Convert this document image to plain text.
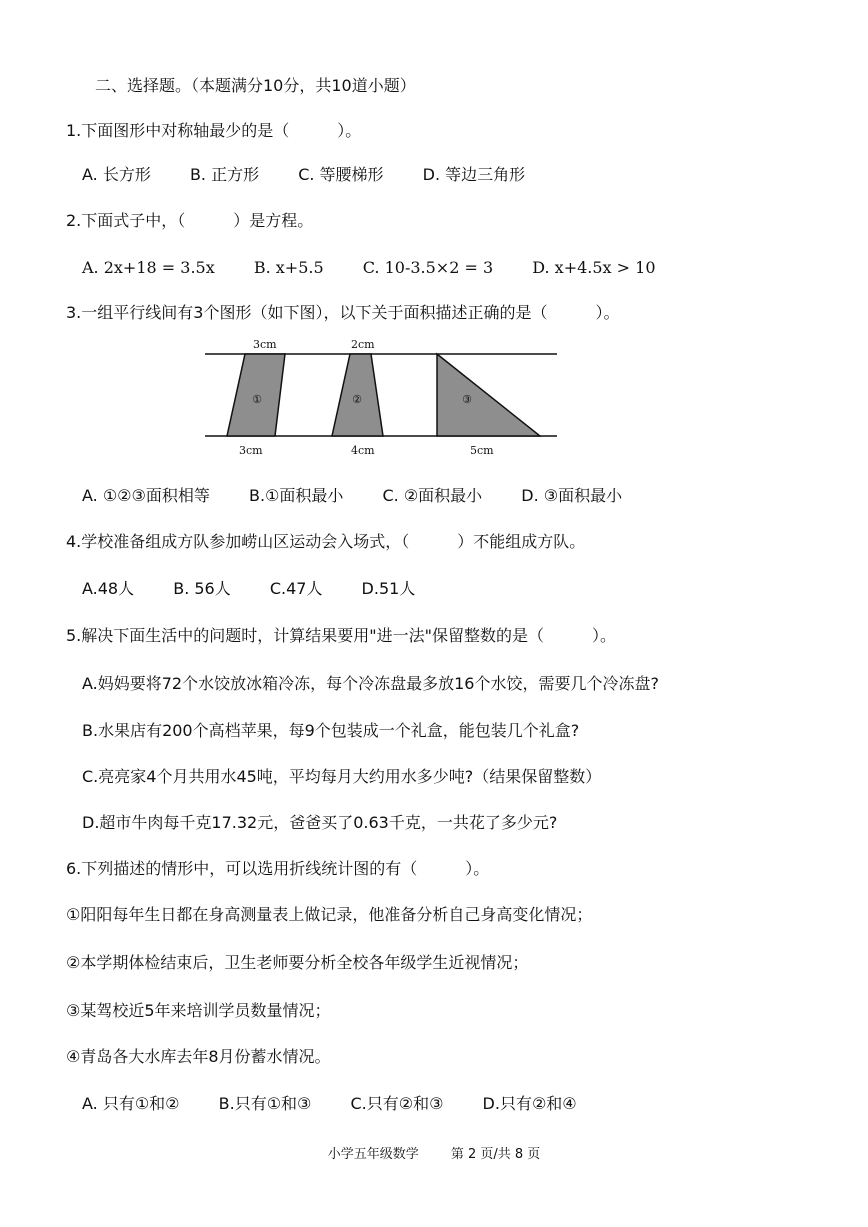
二、选择题。（本题满分10分，共10道小题）
1.下面图形中对称轴最少的是（　　　）。
A. 长方形 B. 正方形 C. 等腰梯形 D. 等边三角形
2.下面式子中，（　　　）是方程。
A. 2x+18 = 3.5x B. x+5.5 C. 10-3.5×2 = 3 D. x+4.5x > 10
3.一组平行线间有3个图形（如下图），以下关于面积描述正确的是（　　　）。
3cm	2cm
3cm	4cm	5cm
①	②	③
A. ①②③面积相等 B.①面积最小 C. ②面积最小 D. ③面积最小
4.学校准备组成方队参加崂山区运动会入场式，（　　　）不能组成方队。
A.48人 B. 56人 C.47人 D.51人
5.解决下面生活中的问题时，计算结果要用"进一法"保留整数的是（　　　）。
A.妈妈要将72个水饺放冰箱冷冻，每个冷冻盘最多放16个水饺，需要几个冷冻盘?
B.水果店有200个高档苹果，每9个包装成一个礼盒，能包装几个礼盒?
C.亮亮家4个月共用水45吨，平均每月大约用水多少吨?（结果保留整数）
D.超市牛肉每千克17.32元，爸爸买了0.63千克，一共花了多少元?
6.下列描述的情形中，可以选用折线统计图的有（　　　）。
①阳阳每年生日都在身高测量表上做记录，他准备分析自己身高变化情况；
②本学期体检结束后，卫生老师要分析全校各年级学生近视情况；
③某驾校近5年来培训学员数量情况；
④青岛各大水库去年8月份蓄水情况。
A. 只有①和② B.只有①和③ C.只有②和③ D.只有②和④
小学五年级数学 第 2 页/共 8 页
